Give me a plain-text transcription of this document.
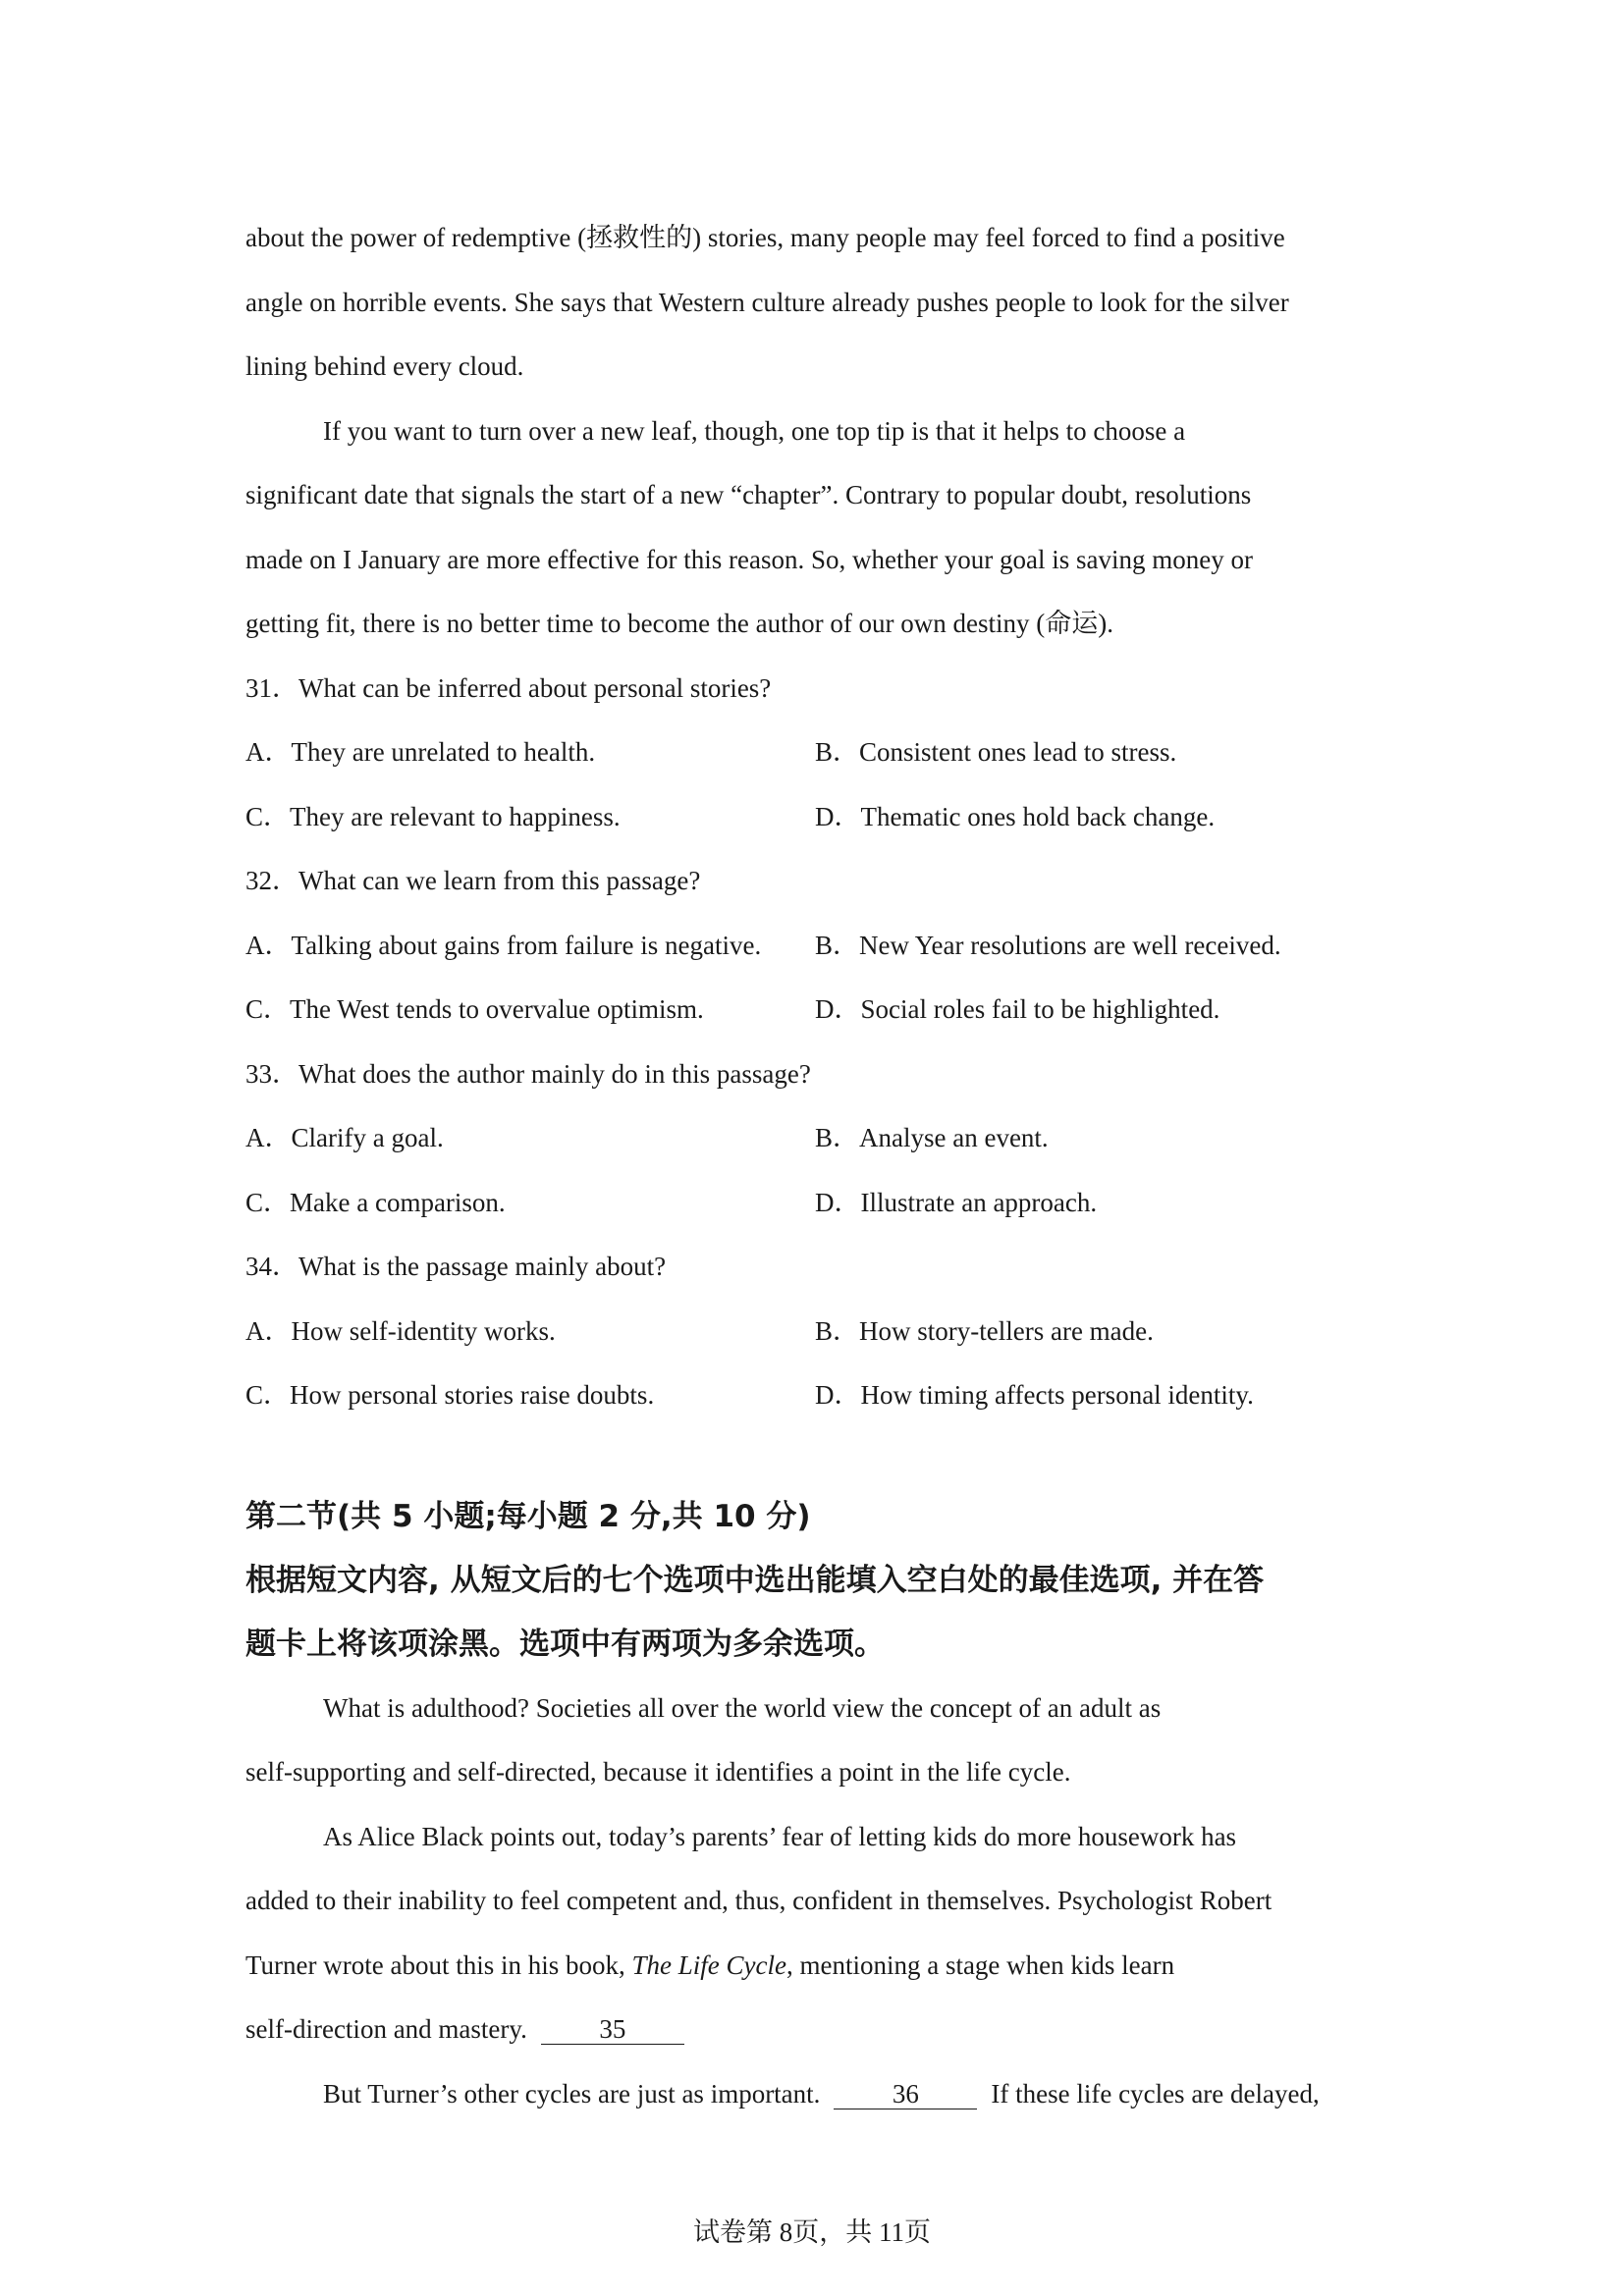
about the power of redemptive (拯救性的) stories, many people may feel forced to find a positive
angle on horrible events. She says that Western culture already pushes people to look for the silver
lining behind every cloud.
If you want to turn over a new leaf, though, one top tip is that it helps to choose a
significant date that signals the start of a new “chapter”. Contrary to popular doubt, resolutions
made on I January are more effective for this reason. So, whether your goal is saving money or
getting fit, there is no better time to become the author of our own destiny (命运).
31．What can be inferred about personal stories?
A．They are unrelated to health.	B．Consistent ones lead to stress.
C．They are relevant to happiness.	D．Thematic ones hold back change.
32．What can we learn from this passage?
A．Talking about gains from failure is negative.	B．New Year resolutions are well received.
C．The West tends to overvalue optimism.	D．Social roles fail to be highlighted.
33．What does the author mainly do in this passage?
A．Clarify a goal.	B．Analyse an event.
C．Make a comparison.	D．Illustrate an approach.
34．What is the passage mainly about?
A．How self-identity works.	B．How story-tellers are made.
C．How personal stories raise doubts.	D．How timing affects personal identity.
第二节(共 5 小题;每小题 2 分,共 10 分)
根据短文内容, 从短文后的七个选项中选出能填入空白处的最佳选项, 并在答
题卡上将该项涂黑。选项中有两项为多余选项。
What is adulthood? Societies all over the world view the concept of an adult as
self-supporting and self-directed, because it identifies a point in the life cycle.
As Alice Black points out, today’s parents’ fear of letting kids do more housework has
added to their inability to feel competent and, thus, confident in themselves. Psychologist Robert
Turner wrote about this in his book, The Life Cycle, mentioning a stage when kids learn
self-direction and mastery.	35
But Turner’s other cycles are just as important.	36	If these life cycles are delayed,
试卷第 8页，共 11页
